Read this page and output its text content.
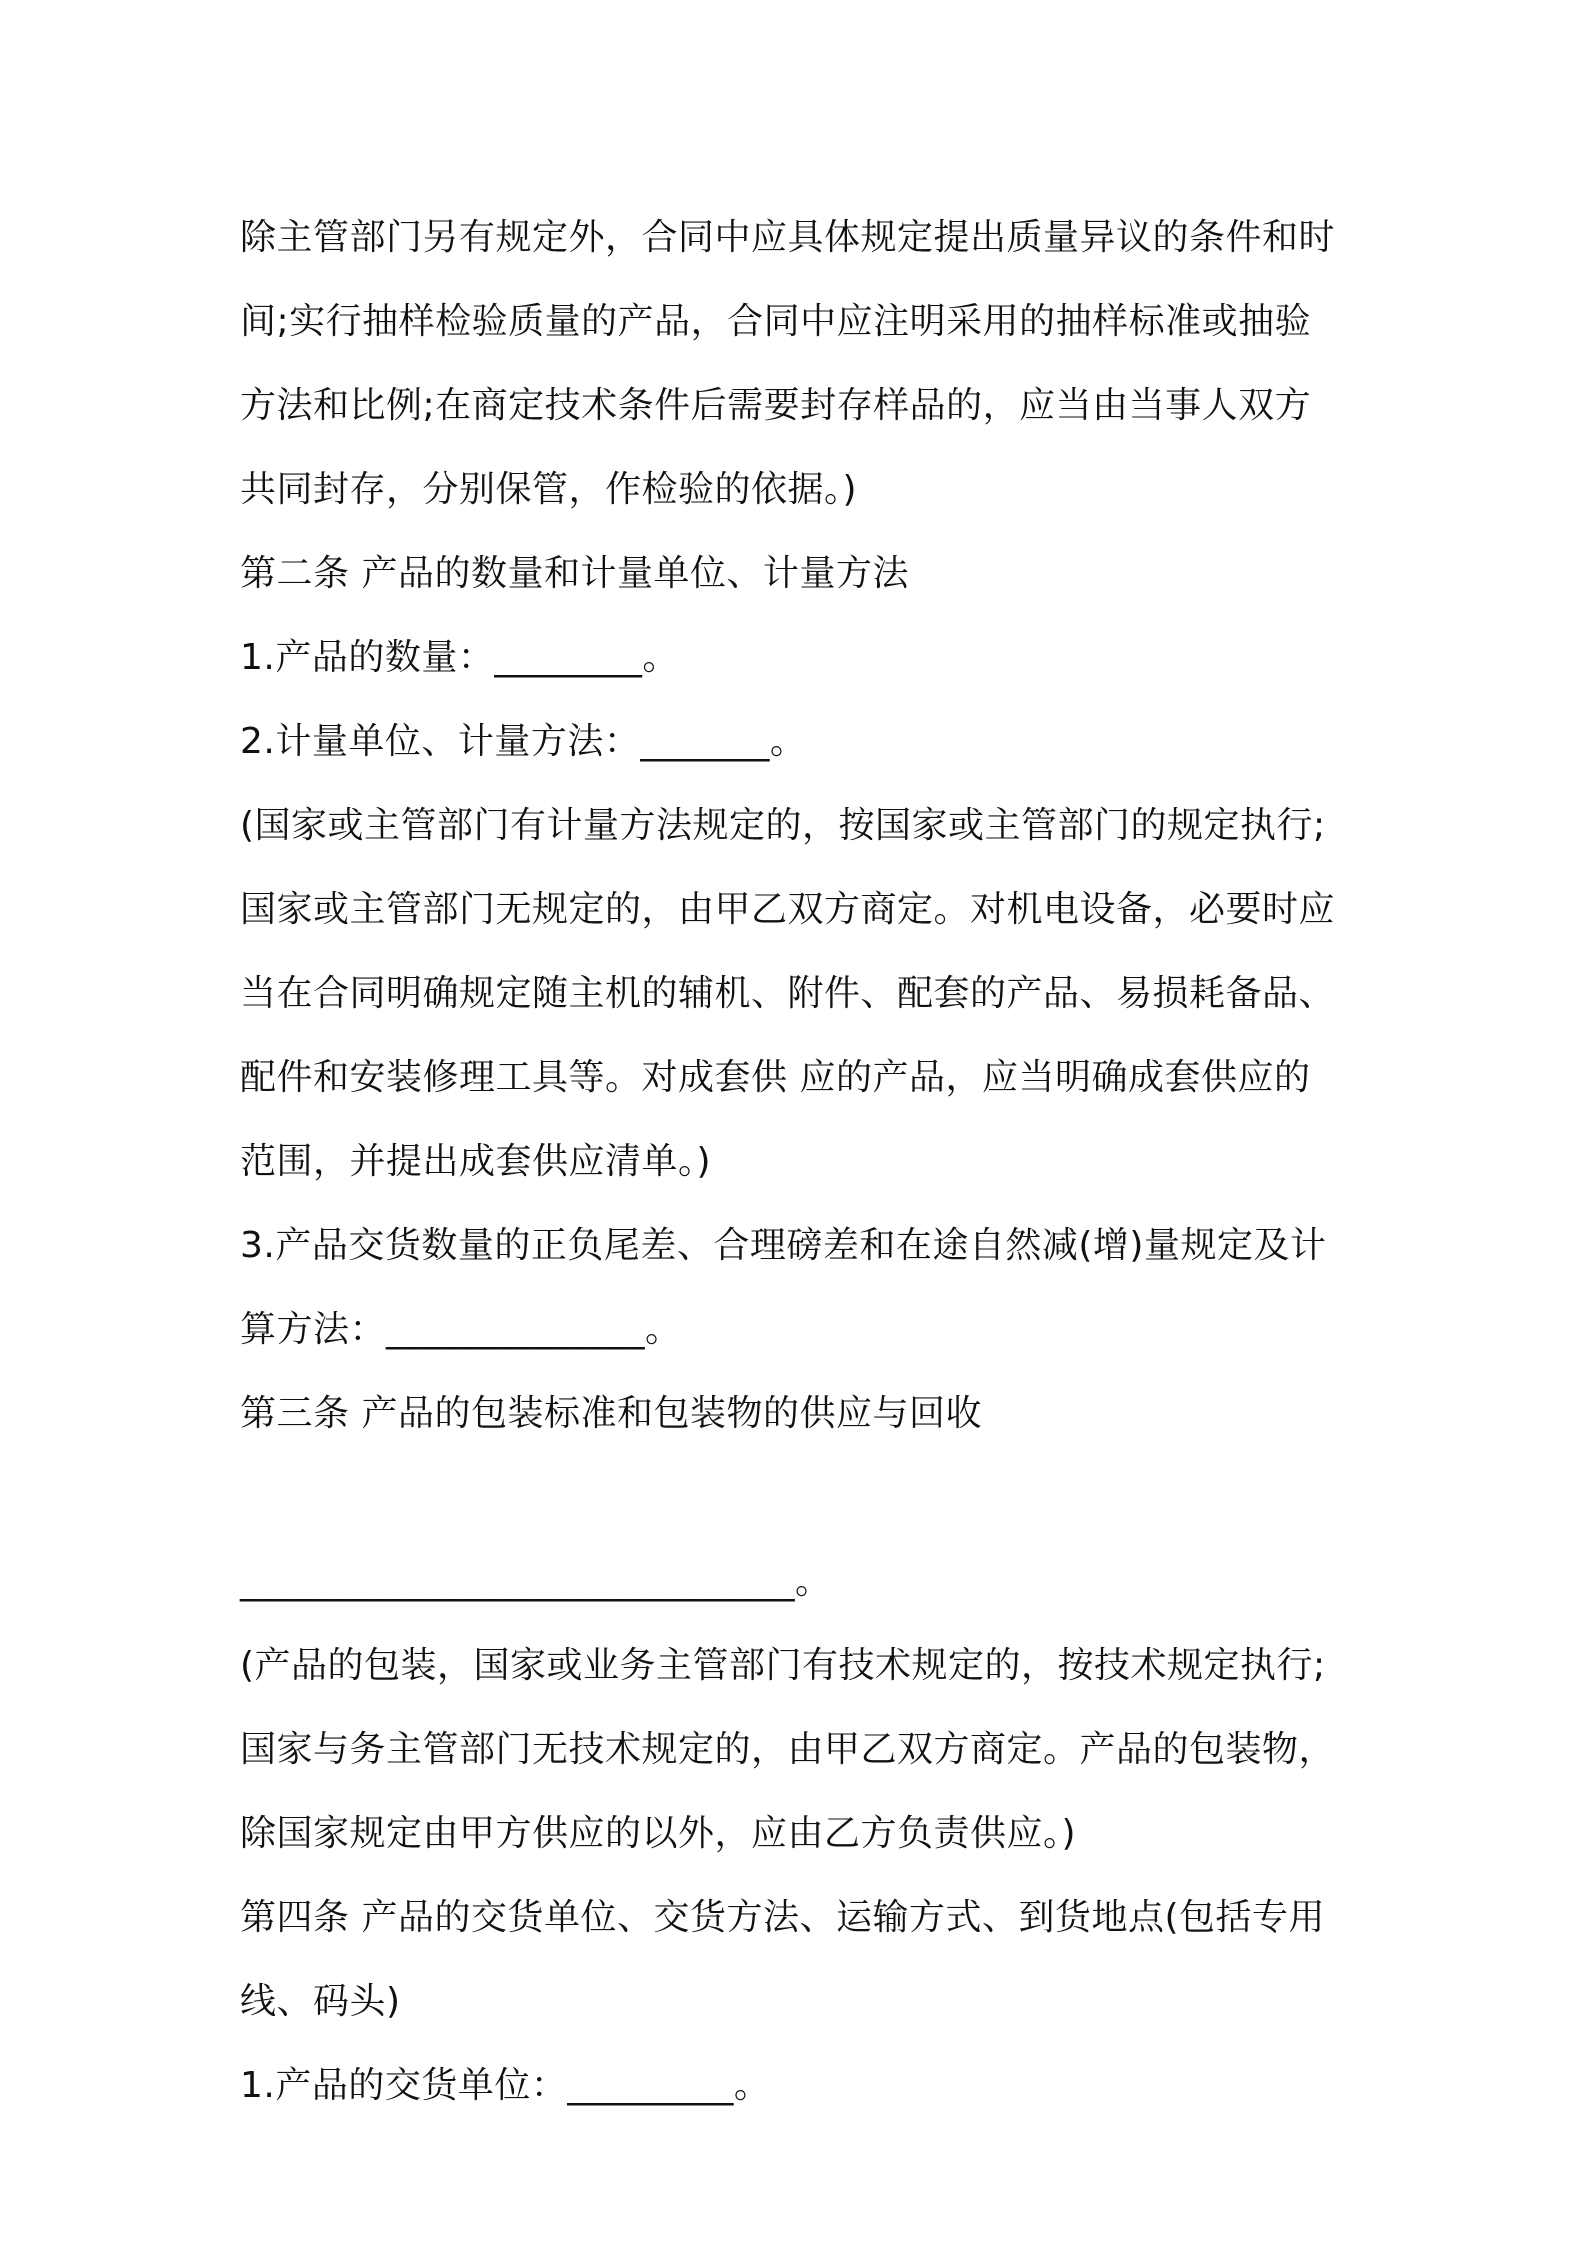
除主管部门另有规定外，合同中应具体规定提出质量异议的条件和时

间;实行抽样检验质量的产品，合同中应注明采用的抽样标准或抽验

方法和比例;在商定技术条件后需要封存样品的，应当由当事人双方

共同封存，分别保管，作检验的依据。)

第二条 产品的数量和计量单位、计量方法

1.产品的数量：________。

2.计量单位、计量方法：_______。

(国家或主管部门有计量方法规定的，按国家或主管部门的规定执行;

国家或主管部门无规定的，由甲乙双方商定。对机电设备，必要时应

当在合同明确规定随主机的辅机、附件、配套的产品、易损耗备品、

配件和安装修理工具等。对成套供 应的产品，应当明确成套供应的

范围，并提出成套供应清单。)

3.产品交货数量的正负尾差、合理磅差和在途自然减(增)量规定及计

算方法：______________。

第三条 产品的包装标准和包装物的供应与回收

______________________________。

(产品的包装，国家或业务主管部门有技术规定的，按技术规定执行;

国家与务主管部门无技术规定的，由甲乙双方商定。产品的包装物，

除国家规定由甲方供应的以外，应由乙方负责供应。)

第四条 产品的交货单位、交货方法、运输方式、到货地点(包括专用

线、码头)

1.产品的交货单位：_________。
